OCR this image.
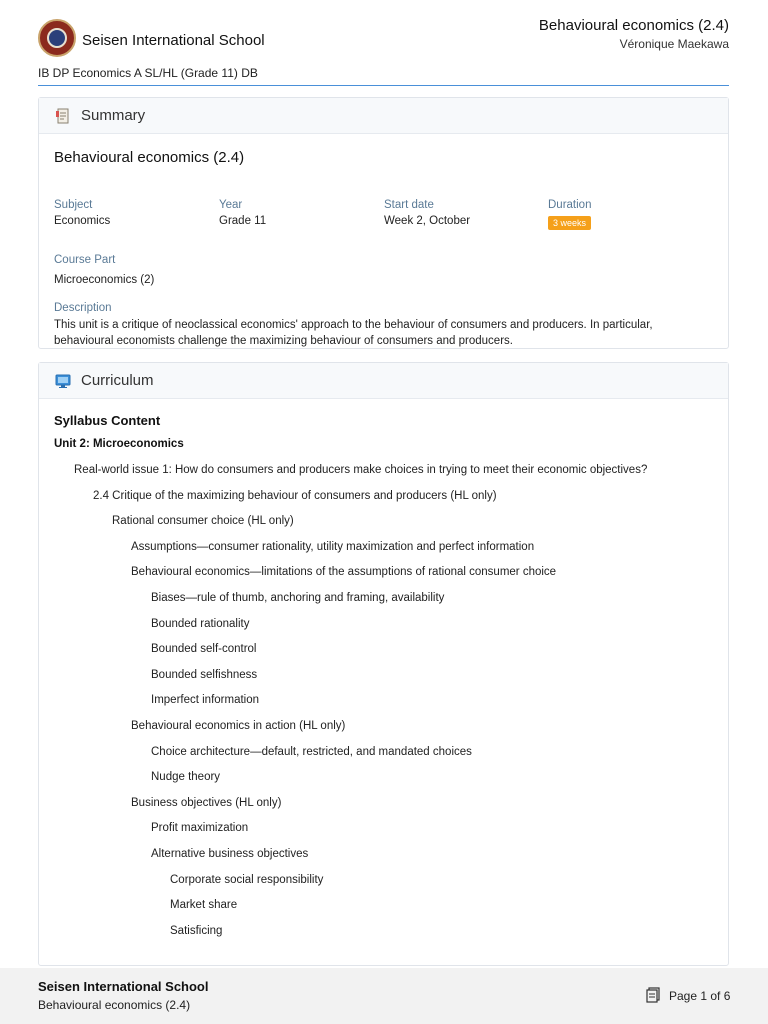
Seisen International School
Behavioural economics (2.4)
Véronique Maekawa
IB DP Economics A SL/HL (Grade 11) DB
Summary
Behavioural economics (2.4)
Subject
Economics
Year
Grade 11
Start date
Week 2, October
Duration
3 weeks
Course Part
Microeconomics (2)
Description
This unit is a critique of neoclassical economics' approach to the behaviour of consumers and producers. In particular, behavioural economists challenge the maximizing behaviour of consumers and producers.
Curriculum
Syllabus Content
Unit 2: Microeconomics
Real-world issue 1: How do consumers and producers make choices in trying to meet their economic objectives?
2.4 Critique of the maximizing behaviour of consumers and producers (HL only)
Rational consumer choice (HL only)
Assumptions—consumer rationality, utility maximization and perfect information
Behavioural economics—limitations of the assumptions of rational consumer choice
Biases—rule of thumb, anchoring and framing, availability
Bounded rationality
Bounded self-control
Bounded selfishness
Imperfect information
Behavioural economics in action (HL only)
Choice architecture—default, restricted, and mandated choices
Nudge theory
Business objectives (HL only)
Profit maximization
Alternative business objectives
Corporate social responsibility
Market share
Satisficing
Seisen International School
Behavioural economics (2.4)
Page 1 of 6
